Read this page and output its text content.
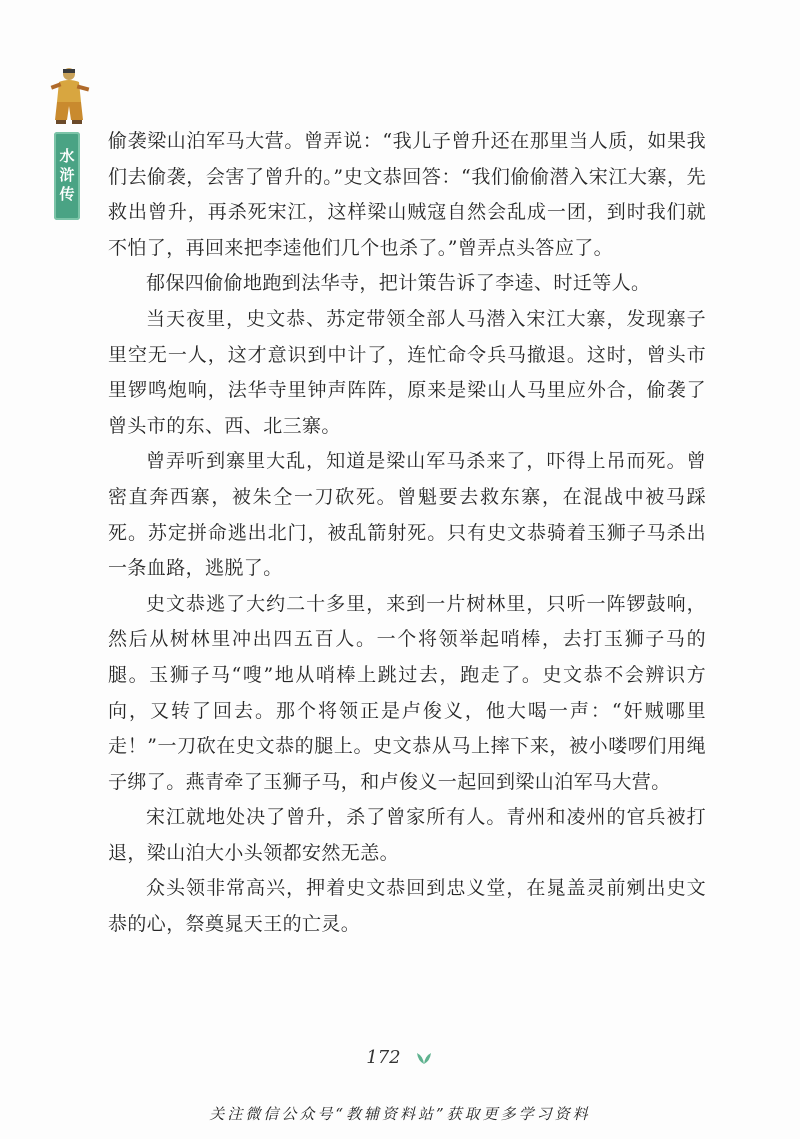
水浒传

偷袭梁山泊军马大营。曾弄说：“我儿子曾升还在那里当人质，如果我们去偷袭，会害了曾升的。”史文恭回答：“我们偷偷潜入宋江大寨，先救出曾升，再杀死宋江，这样梁山贼寇自然会乱成一团，到时我们就不怕了，再回来把李逵他们几个也杀了。”曾弄点头答应了。

郁保四偷偷地跑到法华寺，把计策告诉了李逵、时迁等人。

当天夜里，史文恭、苏定带领全部人马潜入宋江大寨，发现寨子里空无一人，这才意识到中计了，连忙命令兵马撤退。这时，曾头市里锣鸣炮响，法华寺里钟声阵阵，原来是梁山人马里应外合，偷袭了曾头市的东、西、北三寨。

曾弄听到寨里大乱，知道是梁山军马杀来了，吓得上吊而死。曾密直奔西寨，被朱仝一刀砍死。曾魁要去救东寨，在混战中被马踩死。苏定拼命逃出北门，被乱箭射死。只有史文恭骑着玉狮子马杀出一条血路，逃脱了。

史文恭逃了大约二十多里，来到一片树林里，只听一阵锣鼓响，然后从树林里冲出四五百人。一个将领举起哨棒，去打玉狮子马的腿。玉狮子马“嗖”地从哨棒上跳过去，跑走了。史文恭不会辨识方向，又转了回去。那个将领正是卢俊义，他大喝一声：“奸贼哪里走！”一刀砍在史文恭的腿上。史文恭从马上摔下来，被小喽啰们用绳子绑了。燕青牵了玉狮子马，和卢俊义一起回到梁山泊军马大营。

宋江就地处决了曾升，杀了曾家所有人。青州和凌州的官兵被打退，梁山泊大小头领都安然无恙。

众头领非常高兴，押着史文恭回到忠义堂，在晁盖灵前剜出史文恭的心，祭奠晁天王的亡灵。

172
关注微信公众号“教辅资料站”获取更多学习资料
